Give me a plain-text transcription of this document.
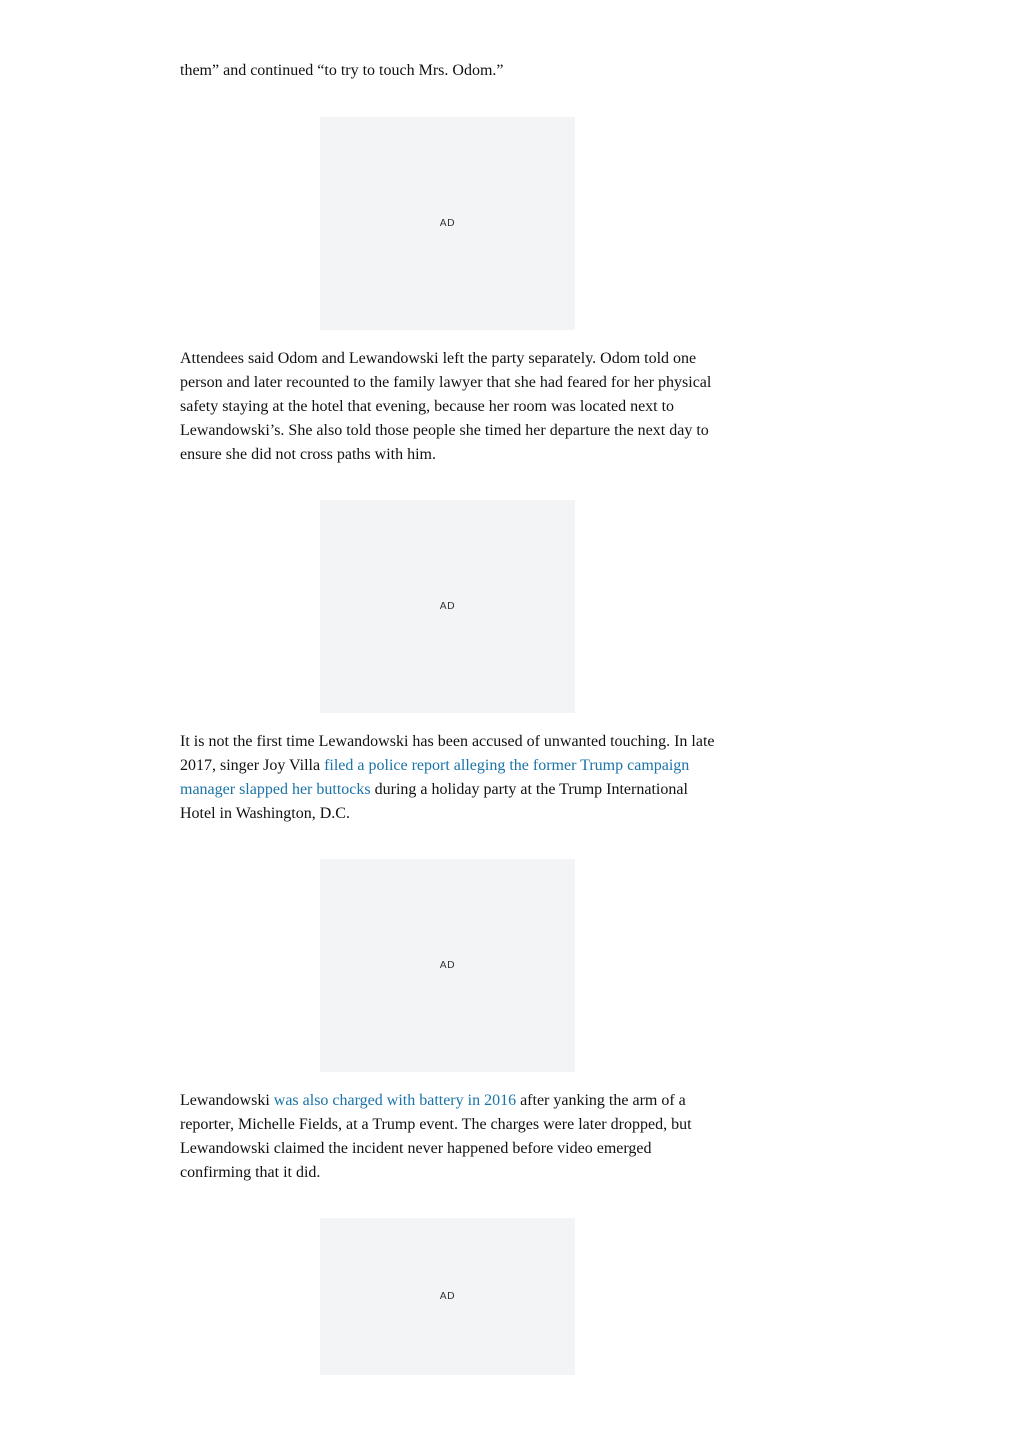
them” and continued “to try to touch Mrs. Odom.”

AD

Attendees said Odom and Lewandowski left the party separately. Odom told one person and later recounted to the family lawyer that she had feared for her physical safety staying at the hotel that evening, because her room was located next to Lewandowski’s. She also told those people she timed her departure the next day to ensure she did not cross paths with him.

AD

It is not the first time Lewandowski has been accused of unwanted touching. In late 2017, singer Joy Villa filed a police report alleging the former Trump campaign manager slapped her buttocks during a holiday party at the Trump International Hotel in Washington, D.C.

AD

Lewandowski was also charged with battery in 2016 after yanking the arm of a reporter, Michelle Fields, at a Trump event. The charges were later dropped, but Lewandowski claimed the incident never happened before video emerged confirming that it did.

AD
